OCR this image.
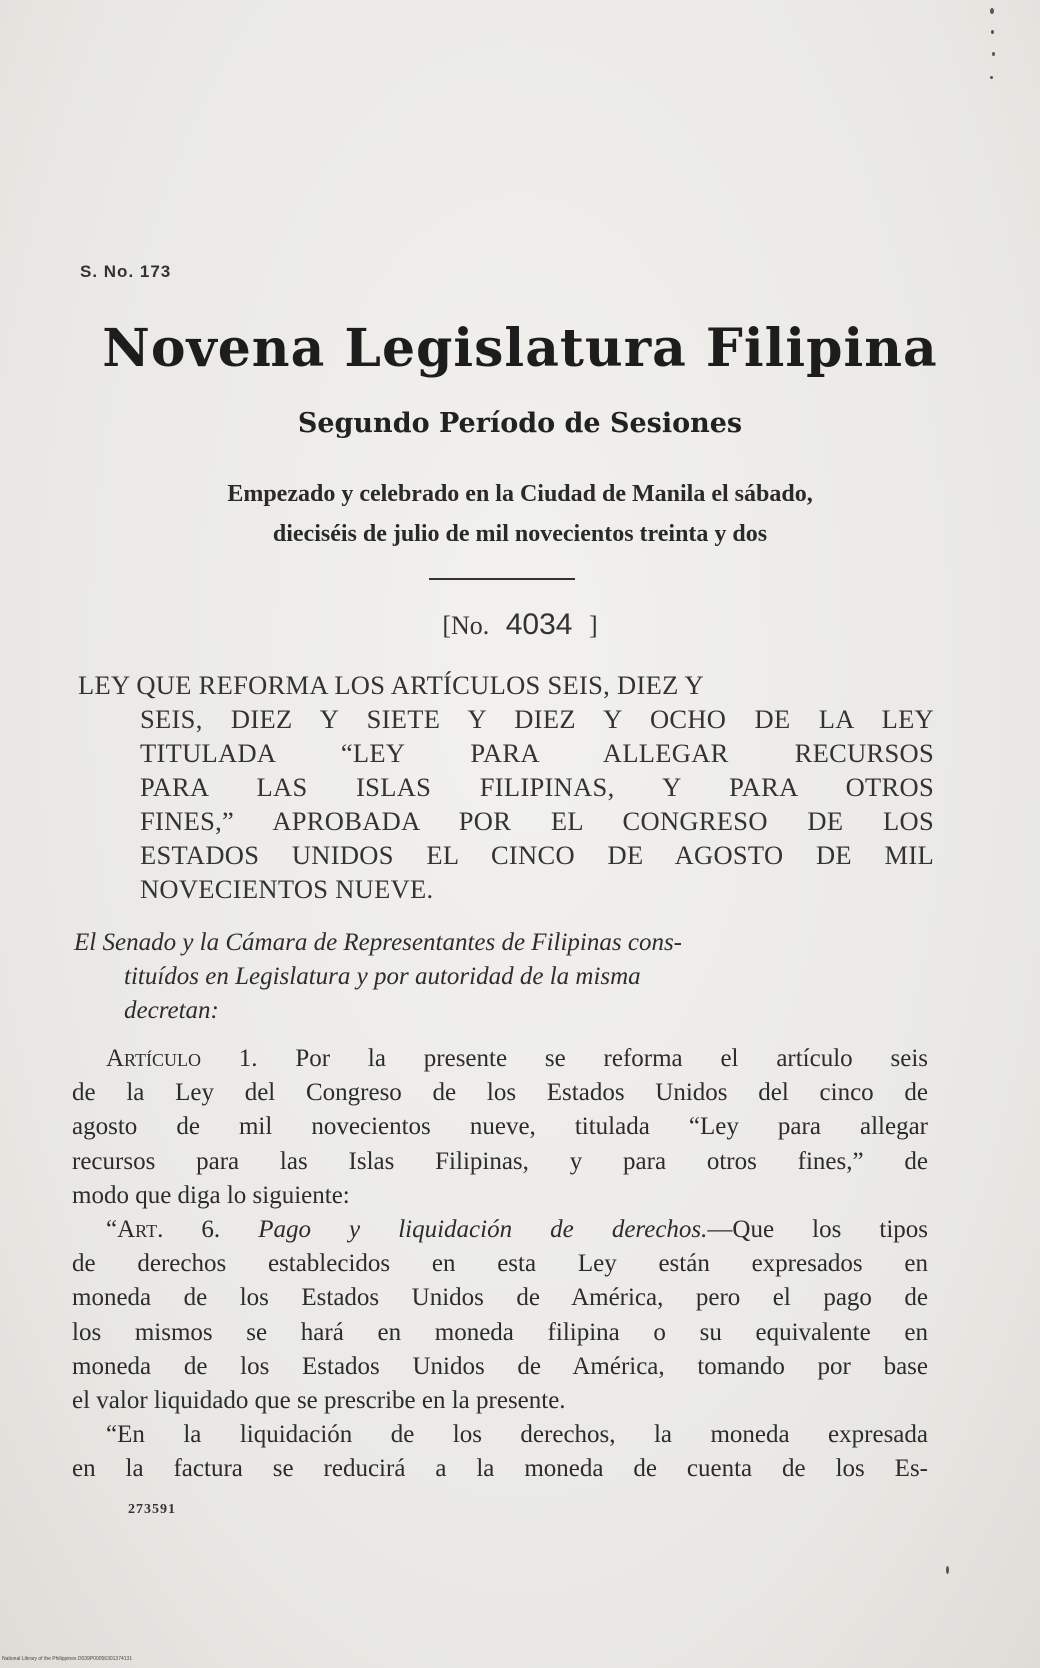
S. No. 173
Novena Legislatura Filipina
Segundo Período de Sesiones
Empezado y celebrado en la Ciudad de Manila el sábado,
dieciséis de julio de mil novecientos treinta y dos
[No. 4034 ]
LEY QUE REFORMA LOS ARTÍCULOS SEIS, DIEZ Y
SEIS, DIEZ Y SIETE Y DIEZ Y OCHO DE LA LEY
TITULADA “LEY PARA ALLEGAR RECURSOS
PARA LAS ISLAS FILIPINAS, Y PARA OTROS
FINES,” APROBADA POR EL CONGRESO DE LOS
ESTADOS UNIDOS EL CINCO DE AGOSTO DE MIL
NOVECIENTOS NUEVE.
El Senado y la Cámara de Representantes de Filipinas cons-
tituídos en Legislatura y por autoridad de la misma
decretan:
Artículo 1. Por la presente se reforma el artículo seis
de la Ley del Congreso de los Estados Unidos del cinco de
agosto de mil novecientos nueve, titulada “Ley para allegar
recursos para las Islas Filipinas, y para otros fines,” de
modo que diga lo siguiente:
“Art. 6. Pago y liquidación de derechos.—Que los tipos
de derechos establecidos en esta Ley están expresados en
moneda de los Estados Unidos de América, pero el pago de
los mismos se hará en moneda filipina o su equivalente en
moneda de los Estados Unidos de América, tomando por base
el valor liquidado que se prescribe en la presente.
“En la liquidación de los derechos, la moneda expresada
en la factura se reducirá a la moneda de cuenta de los Es-
273591
National Library of the Philippines D039P00056301374131
